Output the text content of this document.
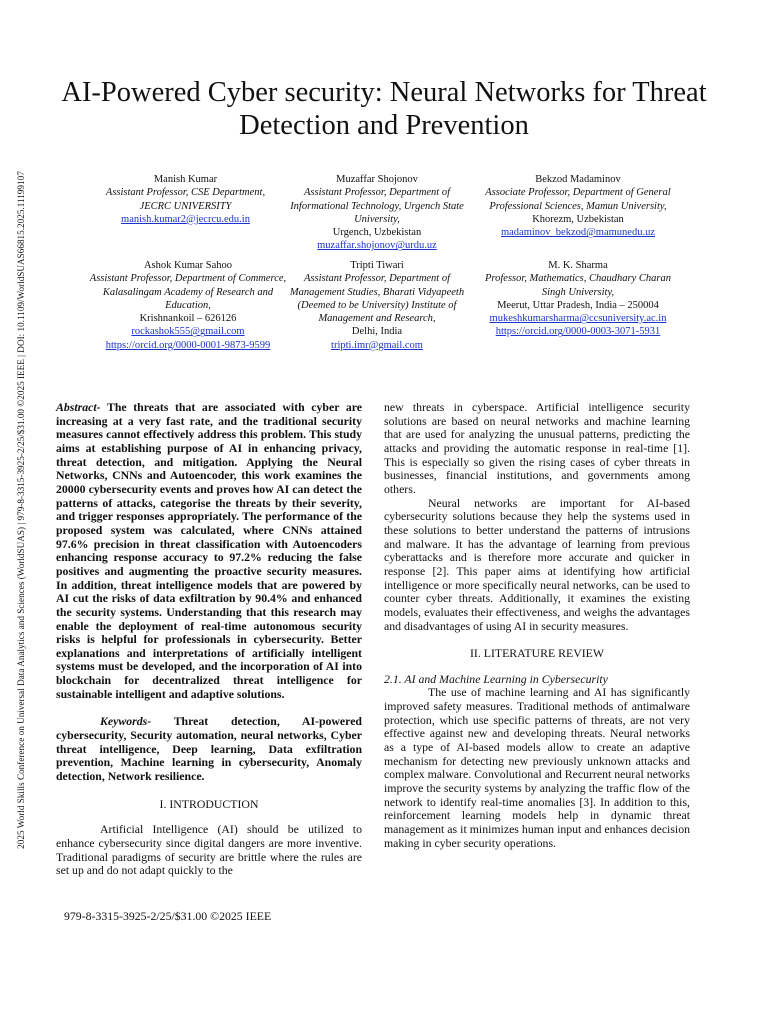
2025 World Skills Conference on Universal Data Analytics and Sciences (WorldSUAS) | 979-8-3315-3925-2/25/$31.00 ©2025 IEEE | DOI: 10.1109/WorldSUAS66815.2025.11199107
AI-Powered Cyber security: Neural Networks for Threat Detection and Prevention
Manish Kumar
Assistant Professor, CSE Department,
JECRC UNIVERSITY
manish.kumar2@jecrcu.edu.in
Muzaffar Shojonov
Assistant Professor, Department of Informational Technology, Urgench State University,
Urgench, Uzbekistan
muzaffar.shojonov@urdu.uz
Bekzod Madaminov
Associate Professor, Department of General Professional Sciences, Mamun University,
Khorezm, Uzbekistan
madaminov_bekzod@mamunedu.uz
Ashok Kumar Sahoo
Assistant Professor, Department of Commerce, Kalasalingam Academy of Research and Education,
Krishnankoil – 626126
rockashok555@gmail.com
https://orcid.org/0000-0001-9873-9599
Tripti Tiwari
Assistant Professor, Department of Management Studies, Bharati Vidyapeeth (Deemed to be University) Institute of Management and Research,
Delhi, India
tripti.imr@gmail.com
M. K. Sharma
Professor, Mathematics, Chaudhary Charan Singh University,
Meerut, Uttar Pradesh, India – 250004
mukeshkumarsharma@ccsuniversity.ac.in
https://orcid.org/0000-0003-3071-5931

Abstract- The threats that are associated with cyber are increasing at a very fast rate, and the traditional security measures cannot effectively address this problem. This study aims at establishing purpose of AI in enhancing privacy, threat detection, and mitigation. Applying the Neural Networks, CNNs and Autoencoder, this work examines the 20000 cybersecurity events and proves how AI can detect the patterns of attacks, categorise the threats by their severity, and trigger responses appropriately. The performance of the proposed system was calculated, where CNNs attained 97.6% precision in threat classification with Autoencoders enhancing response accuracy to 97.2% reducing the false positives and augmenting the proactive security measures. In addition, threat intelligence models that are powered by AI cut the risks of data exfiltration by 90.4% and enhanced the security systems. Understanding that this research may enable the deployment of real-time autonomous security risks is helpful for professionals in cybersecurity. Better explanations and interpretations of artificially intelligent systems must be developed, and the incorporation of AI into blockchain for decentralized threat intelligence for sustainable intelligent and adaptive solutions.

Keywords- Threat detection, AI-powered cybersecurity, Security automation, neural networks, Cyber threat intelligence, Deep learning, Data exfiltration prevention, Machine learning in cybersecurity, Anomaly detection, Network resilience.

I. INTRODUCTION

Artificial Intelligence (AI) should be utilized to enhance cybersecurity since digital dangers are more inventive. Traditional paradigms of security are brittle where the rules are set up and do not adapt quickly to the

new threats in cyberspace. Artificial intelligence security solutions are based on neural networks and machine learning that are used for analyzing the unusual patterns, predicting the attacks and providing the automatic response in real-time [1]. This is especially so given the rising cases of cyber threats in businesses, financial institutions, and governments among others.

Neural networks are important for AI-based cybersecurity solutions because they help the systems used in these solutions to better understand the patterns of intrusions and malware. It has the advantage of learning from previous cyberattacks and is therefore more accurate and quicker in response [2]. This paper aims at identifying how artificial intelligence or more specifically neural networks, can be used to counter cyber threats. Additionally, it examines the existing models, evaluates their effectiveness, and weighs the advantages and disadvantages of using AI in security measures.

II. LITERATURE REVIEW

2.1. AI and Machine Learning in Cybersecurity

The use of machine learning and AI has significantly improved safety measures. Traditional methods of antimalware protection, which use specific patterns of threats, are not very effective against new and developing threats. Neural networks as a type of AI-based models allow to create an adaptive mechanism for detecting new previously unknown attacks and complex malware. Convolutional and Recurrent neural networks improve the security systems by analyzing the traffic flow of the network to identify real-time anomalies [3]. In addition to this, reinforcement learning models help in dynamic threat management as it minimizes human input and enhances decision making in cyber security operations.

979-8-3315-3925-2/25/$31.00 ©2025 IEEE
